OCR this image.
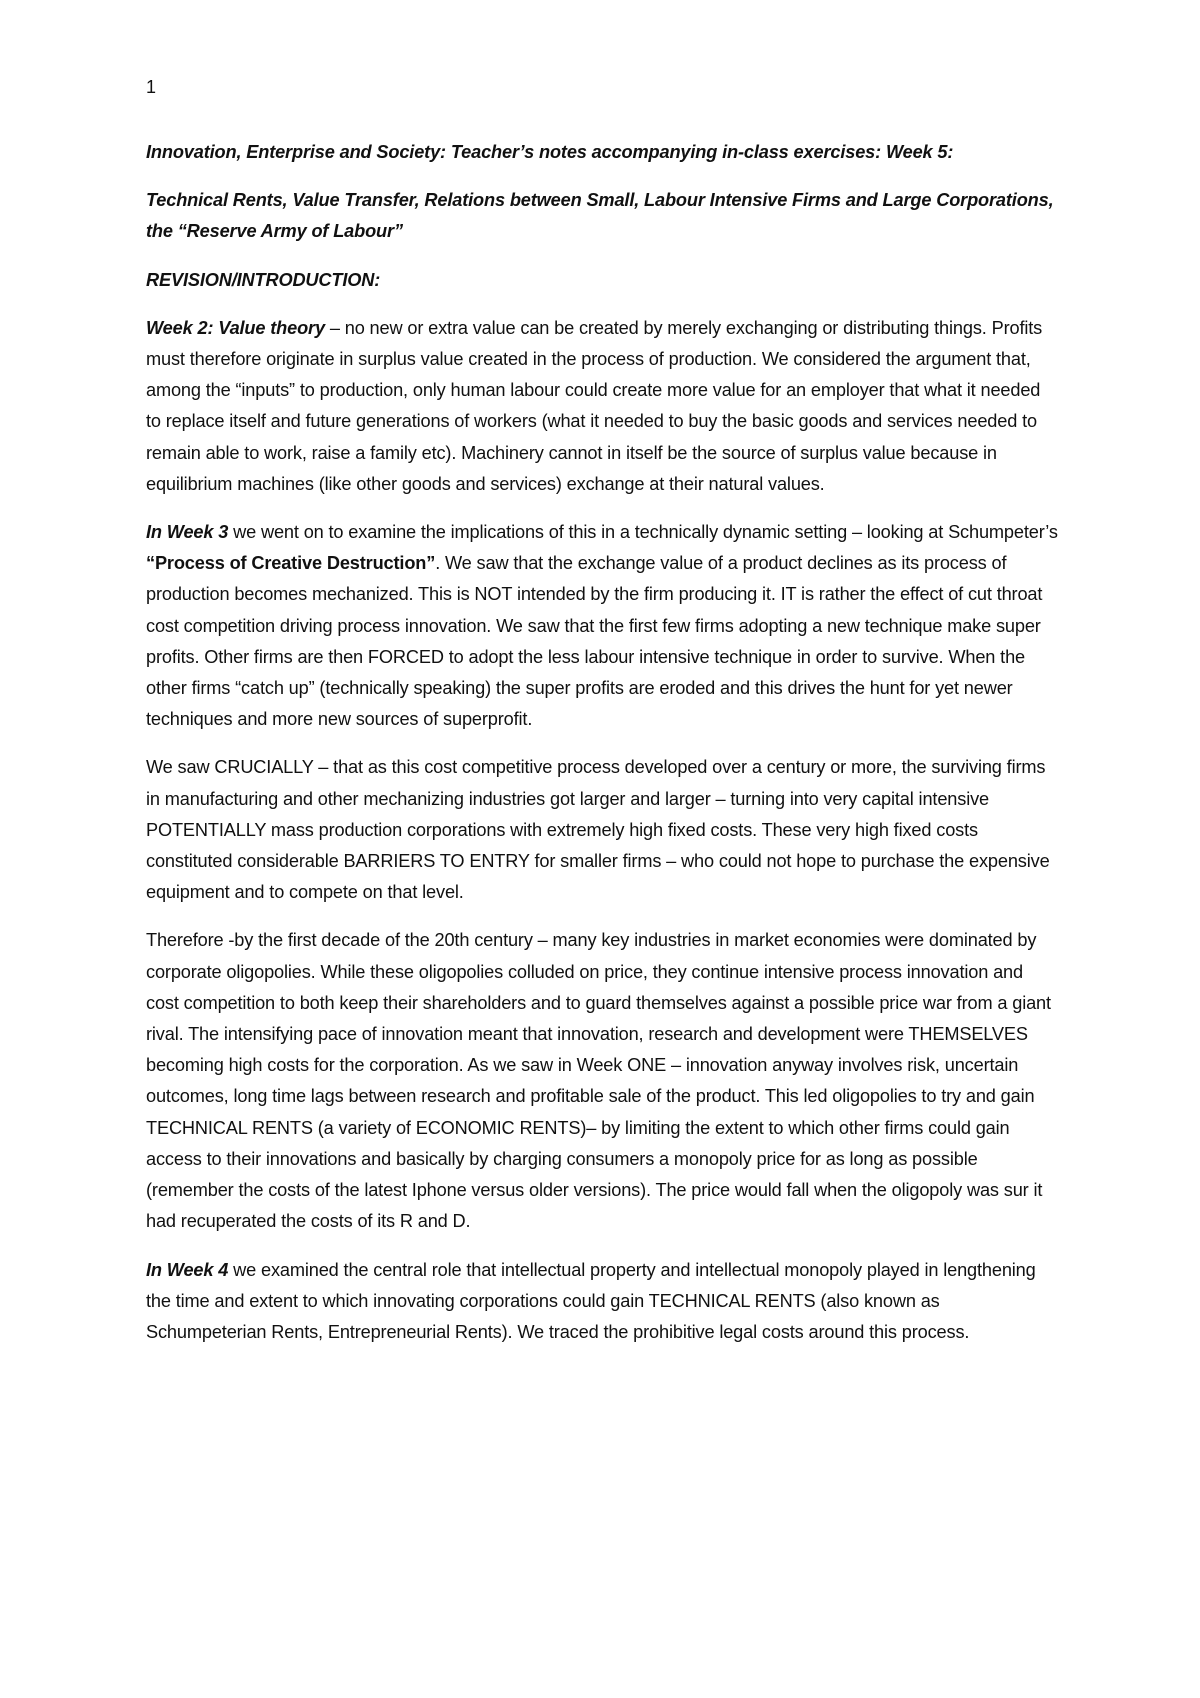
1

Innovation, Enterprise and Society: Teacher’s notes accompanying in-class exercises: Week 5:

Technical Rents, Value Transfer, Relations between Small, Labour Intensive Firms and Large Corporations, the “Reserve Army of Labour”

REVISION/INTRODUCTION:

Week 2: Value theory – no new or extra value can be created by merely exchanging or distributing things. Profits must therefore originate in surplus value created in the process of production. We considered the argument that, among the “inputs” to production, only human labour could create more value for an employer that what it needed to replace itself and future generations of workers (what it needed to buy the basic goods and services needed to remain able to work, raise a family etc). Machinery cannot in itself be the source of surplus value because in equilibrium machines (like other goods and services) exchange at their natural values.

In Week 3 we went on to examine the implications of this in a technically dynamic setting – looking at Schumpeter’s “Process of Creative Destruction”. We saw that the exchange value of a product declines as its process of production becomes mechanized. This is NOT intended by the firm producing it. IT is rather the effect of cut throat cost competition driving process innovation. We saw that the first few firms adopting a new technique make super profits. Other firms are then FORCED to adopt the less labour intensive technique in order to survive. When the other firms “catch up” (technically speaking) the super profits are eroded and this drives the hunt for yet newer techniques and more new sources of superprofit.

We saw CRUCIALLY – that as this cost competitive process developed over a century or more, the surviving firms in manufacturing and other mechanizing industries got larger and larger – turning into very capital intensive POTENTIALLY mass production corporations with extremely high fixed costs. These very high fixed costs constituted considerable BARRIERS TO ENTRY for smaller firms – who could not hope to purchase the expensive equipment and to compete on that level.

Therefore -by the first decade of the 20th century – many key industries in market economies were dominated by corporate oligopolies. While these oligopolies colluded on price, they continue intensive process innovation and cost competition to both keep their shareholders and to guard themselves against a possible price war from a giant rival. The intensifying pace of innovation meant that innovation, research and development were THEMSELVES becoming high costs for the corporation. As we saw in Week ONE – innovation anyway involves risk, uncertain outcomes, long time lags between research and profitable sale of the product. This led oligopolies to try and gain TECHNICAL RENTS (a variety of ECONOMIC RENTS)– by limiting the extent to which other firms could gain access to their innovations and basically by charging consumers a monopoly price for as long as possible (remember the costs of the latest Iphone versus older versions). The price would fall when the oligopoly was sur it had recuperated the costs of its R and D.

In Week 4 we examined the central role that intellectual property and intellectual monopoly played in lengthening the time and extent to which innovating corporations could gain TECHNICAL RENTS (also known as Schumpeterian Rents, Entrepreneurial Rents). We traced the prohibitive legal costs around this process.
